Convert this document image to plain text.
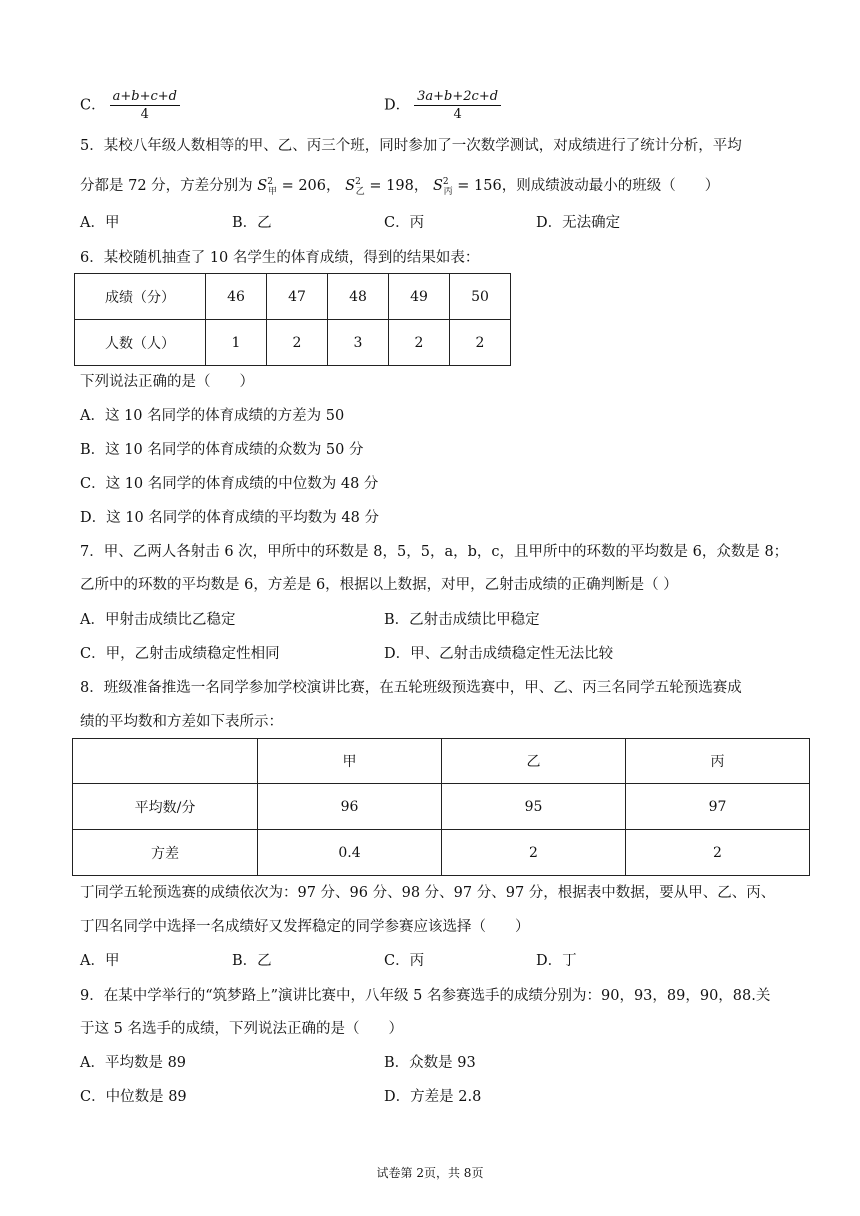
C． $\frac{a+b+c+d}{4}$	D． $\frac{3a+b+2c+d}{4}$
5．某校八年级人数相等的甲、乙、丙三个班，同时参加了一次数学测试，对成绩进行了统计分析，平均
分都是 72 分，方差分别为 $S^2_甲 = 206$， $S^2_乙 = 198$， $S^2_丙 = 156$，则成绩波动最小的班级（　　）
A．甲	B．乙	C．丙	D．无法确定
6．某校随机抽查了 10 名学生的体育成绩，得到的结果如表：
成绩（分）	46	47	48	49	50
人数（人）	1	2	3	2	2
下列说法正确的是（　　）
A．这 10 名同学的体育成绩的方差为 50
B．这 10 名同学的体育成绩的众数为 50 分
C．这 10 名同学的体育成绩的中位数为 48 分
D．这 10 名同学的体育成绩的平均数为 48 分
7．甲、乙两人各射击 6 次，甲所中的环数是 8，5，5，a，b，c，且甲所中的环数的平均数是 6，众数是 8；
乙所中的环数的平均数是 6，方差是 6，根据以上数据，对甲，乙射击成绩的正确判断是（ ）
A．甲射击成绩比乙稳定	B．乙射击成绩比甲稳定
C．甲，乙射击成绩稳定性相同	D．甲、乙射击成绩稳定性无法比较
8．班级准备推选一名同学参加学校演讲比赛，在五轮班级预选赛中，甲、乙、丙三名同学五轮预选赛成
绩的平均数和方差如下表所示：
	甲	乙	丙
平均数/分	96	95	97
方差	0.4	2	2
丁同学五轮预选赛的成绩依次为：97 分、96 分、98 分、97 分、97 分，根据表中数据，要从甲、乙、丙、
丁四名同学中选择一名成绩好又发挥稳定的同学参赛应该选择（　　）
A．甲	B．乙	C．丙	D．丁
9．在某中学举行的“筑梦路上”演讲比赛中，八年级 5 名参赛选手的成绩分别为：90，93，89，90，88.关
于这 5 名选手的成绩，下列说法正确的是（　　）
A．平均数是 89	B．众数是 93
C．中位数是 89	D．方差是 2.8
试卷第 2页，共 8页
